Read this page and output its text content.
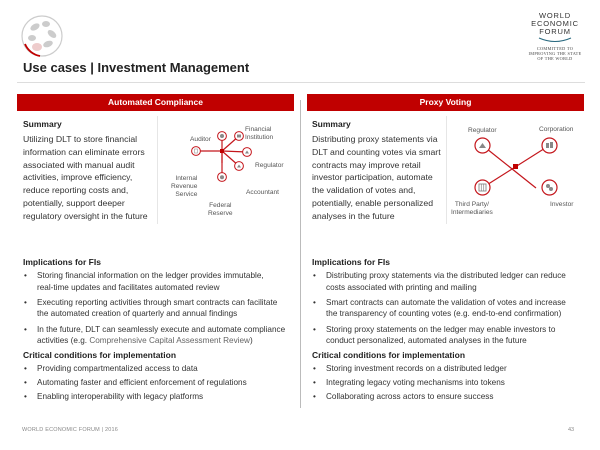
WORLD
ECONOMIC
FORUM
COMMITTED TO
IMPROVING THE STATE
OF THE WORLD
Use cases | Investment Management
Automated Compliance	Proxy Voting
Summary
Utilizing DLT to store financial
information can eliminate errors
associated with manual audit
activities, improve efficiency,
reduce reporting costs and,
potentially, support deeper
regulatory oversight in the future
Auditor
Financial
Institution
Regulator
Accountant
Federal
Reserve
Internal
Revenue
Service
Summary
Distributing proxy statements via
DLT and counting votes via smart
contracts may improve retail
investor participation, automate
the validation of votes and,
potentially, enable personalized
analyses in the future
Regulator	Corporation
Third Party/
Intermediaries
Investor
Implications for FIs
• Storing financial information on the ledger provides immutable,
real-time updates and facilitates automated review
• Executing reporting activities through smart contracts can facilitate
the automated creation of quarterly and annual findings
• In the future, DLT can seamlessly execute and automate compliance
activities (e.g. Comprehensive Capital Assessment Review)
Critical conditions for implementation
• Providing compartmentalized access to data
• Automating faster and efficient enforcement of regulations
• Enabling interoperability with legacy platforms
Implications for FIs
• Distributing proxy statements via the distributed ledger can reduce
costs associated with printing and mailing
• Smart contracts can automate the validation of votes and increase
the transparency of counting votes (e.g. end-to-end confirmation)
• Storing proxy statements on the ledger may enable investors to
conduct personalized, automated analyses in the future
Critical conditions for implementation
• Storing investment records on a distributed ledger
• Integrating legacy voting mechanisms into tokens
• Collaborating across actors to ensure success
WORLD ECONOMIC FORUM | 2016	43
